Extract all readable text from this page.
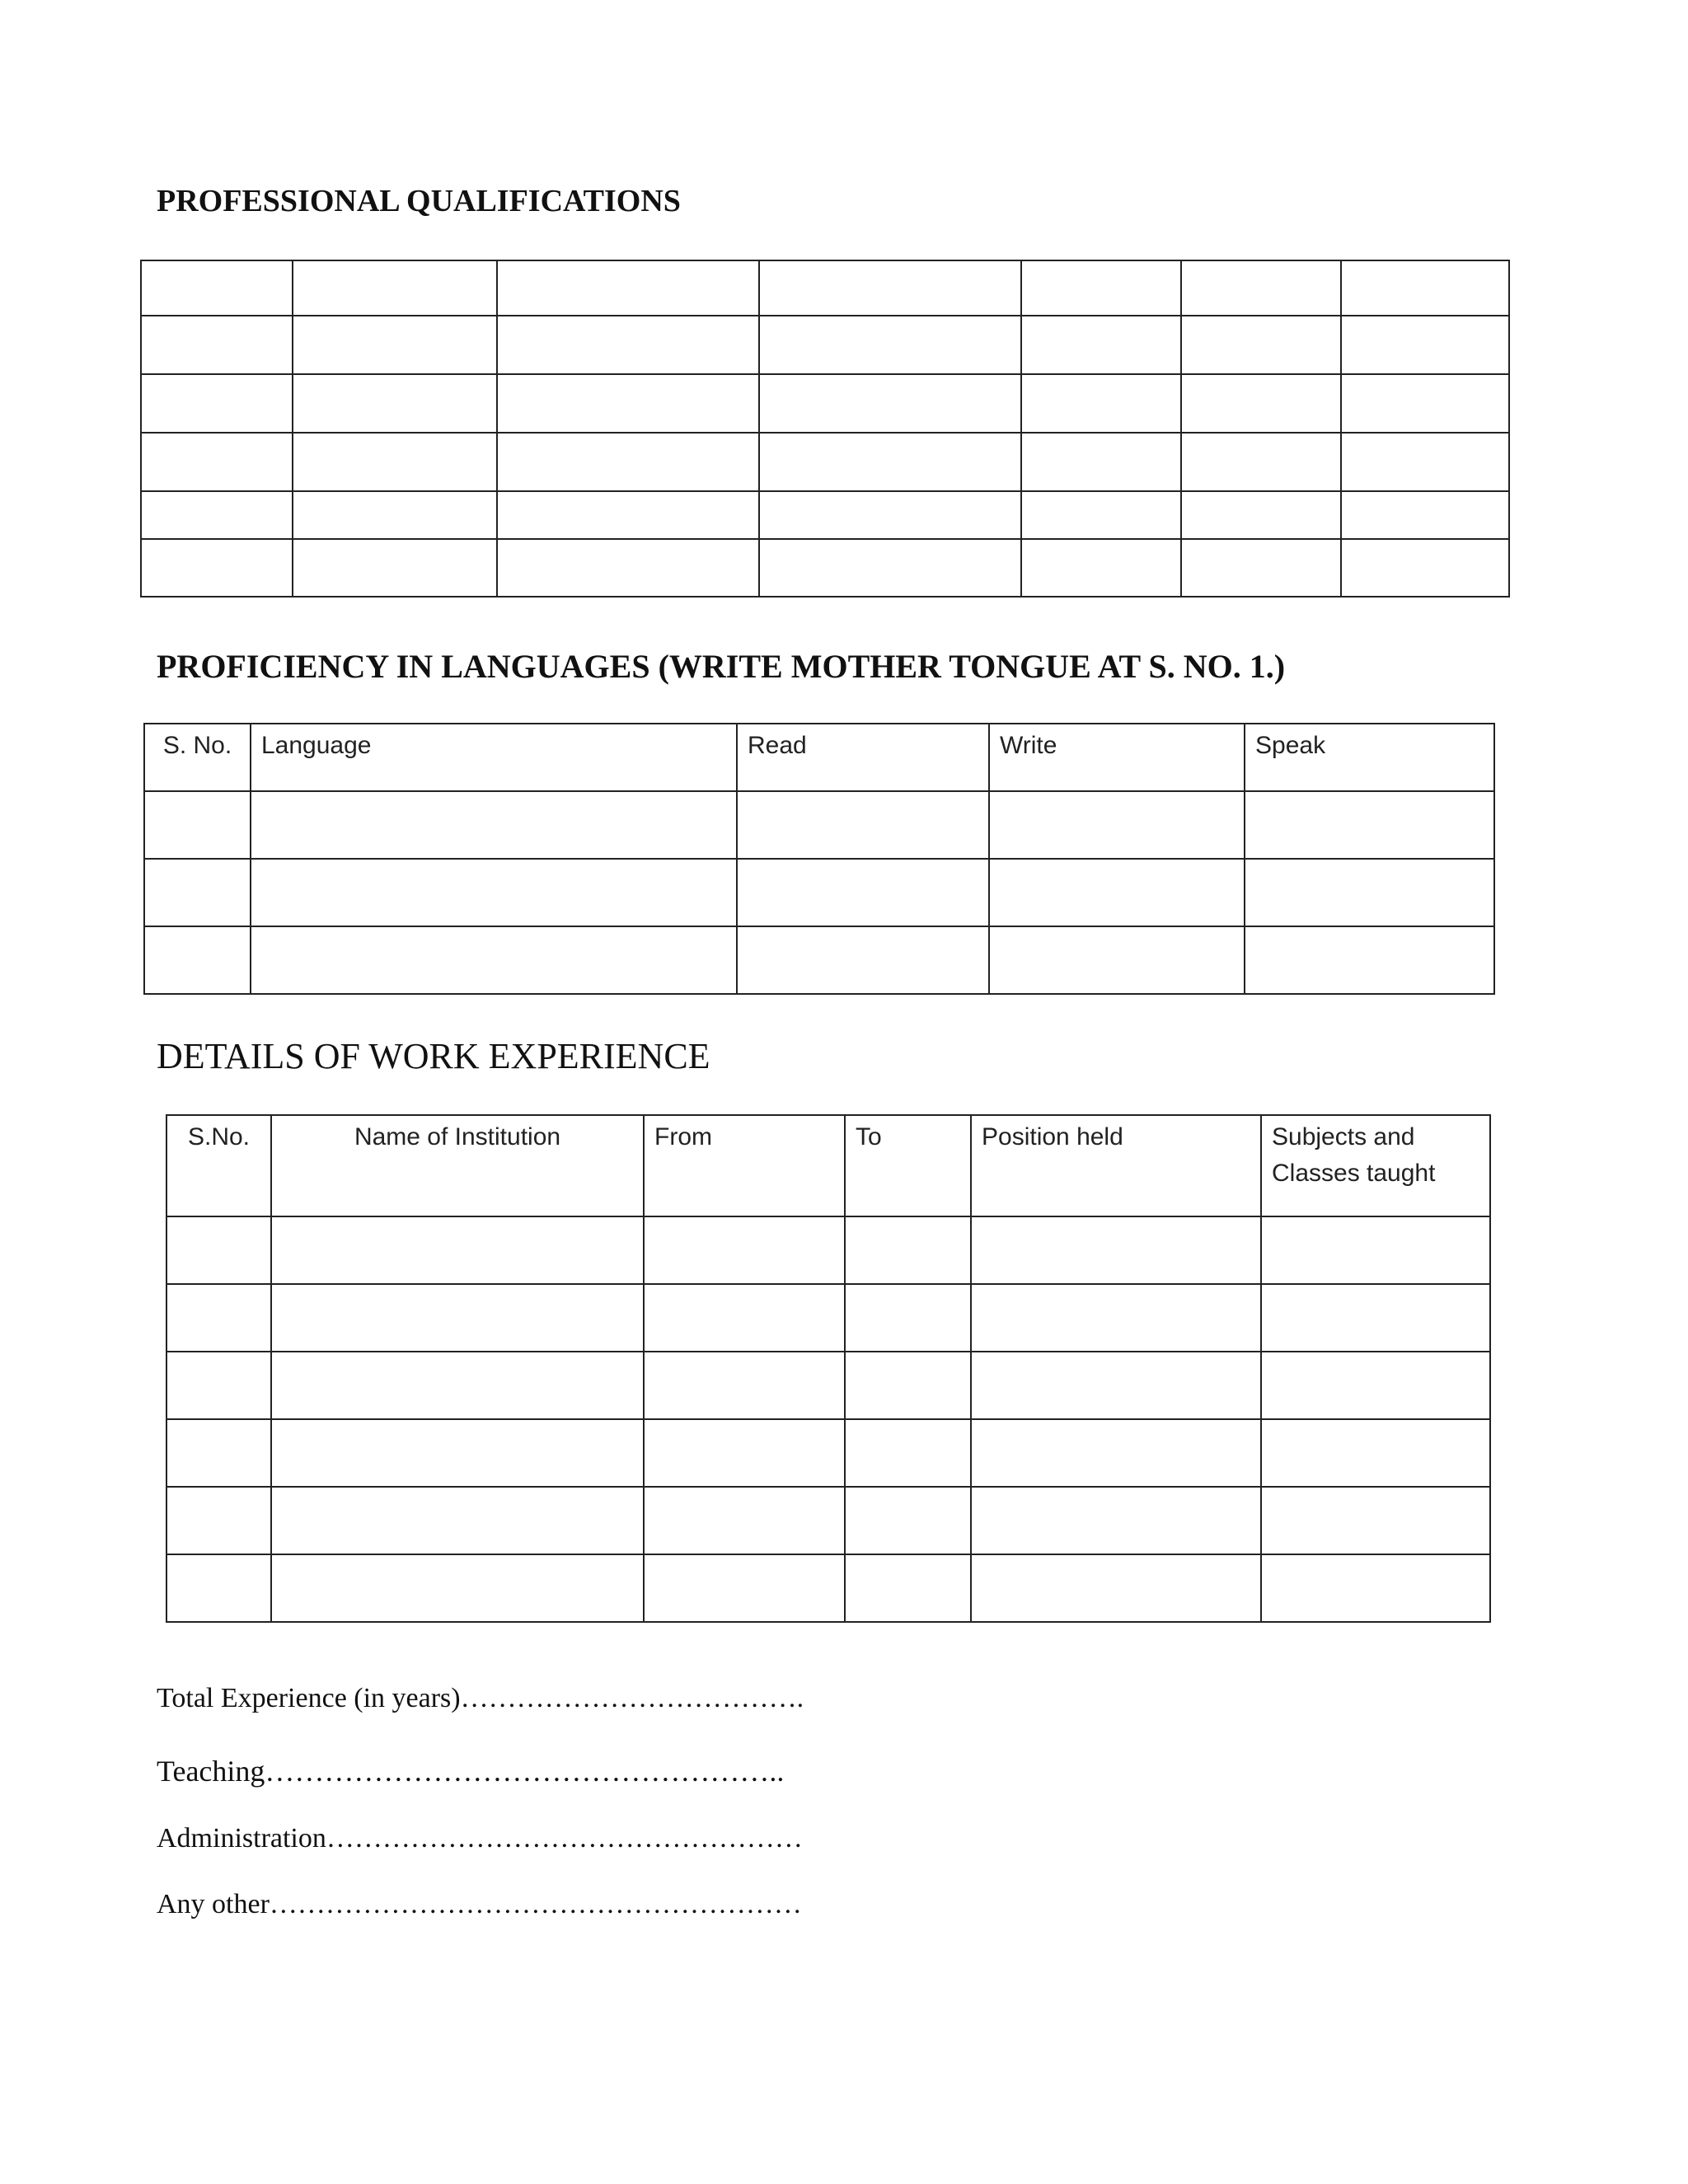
PROFESSIONAL QUALIFICATIONS

PROFICIENCY IN LANGUAGES (WRITE MOTHER TONGUE AT S. NO. 1.)
S. No.	Language	Read	Write	Speak

DETAILS OF WORK EXPERIENCE
S.No.	Name of Institution	From	To	Position held	Subjects and Classes taught

Total Experience (in years)……………………………….

Teaching……………………………………………..

Administration……………………………………………

Any other…………………………………………………
